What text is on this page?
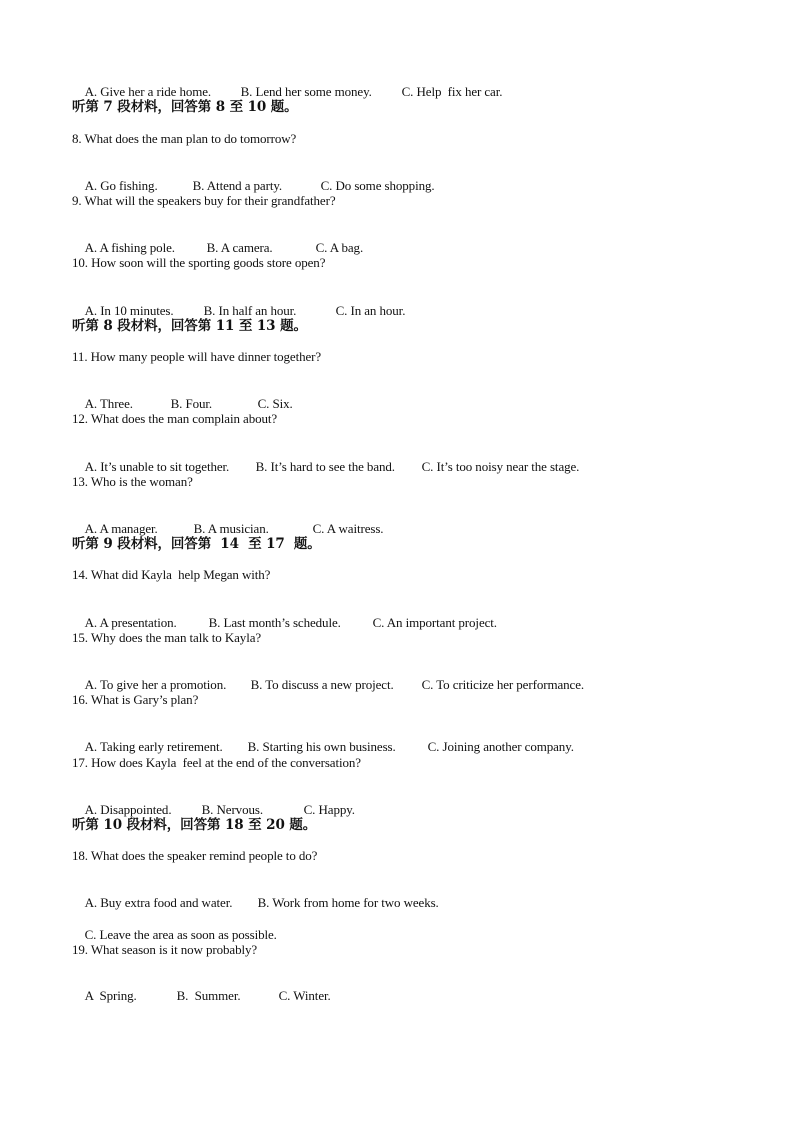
A. Give her a ride home. B. Lend her some money. C. Help  fix her car.

听第 7 段材料，回答第 8 至 10 题。
8. What does the man plan to do tomorrow?

A. Go fishing.	B. Attend a party.	C. Do some shopping.

9. What will the speakers buy for their grandfather?

A. A fishing pole. B. A camera.	C. A bag.

10. How soon will the sporting goods store open?

A. In 10 minutes. B. In half an hour.	C. In an hour.

听第 8 段材料，回答第 11 至 13 题。
11. How many people will have dinner together?

A. Three.	B. Four.	C. Six.

12. What does the man complain about?

A. It’s unable to sit together. B. It’s hard to see the band. C. It’s too noisy near the stage.

13. Who is the woman?

A. A manager.	B. A musician.	C. A waitress.

听第 9 段材料，回答第  14  至 17  题。
14. What did Kayla  help Megan with?

A. A presentation. B. Last month’s schedule. C. An important project.

15. Why does the man talk to Kayla?

A. To give her a promotion. B. To discuss a new project. C. To criticize her performance.

16. What is Gary’s plan?

A. Taking early retirement. B. Starting his own business. C. Joining another company.

17. How does Kayla  feel at the end of the conversation?

A. Disappointed. B. Nervous.	C. Happy.

听第 10 段材料，回答第 18 至 20 题。
18. What does the speaker remind people to do?

A. Buy extra food and water. B. Work from home for two weeks.

C. Leave the area as soon as possible.

19. What season is it now probably?

A  Spring.	B.  Summer.	C. Winter.
